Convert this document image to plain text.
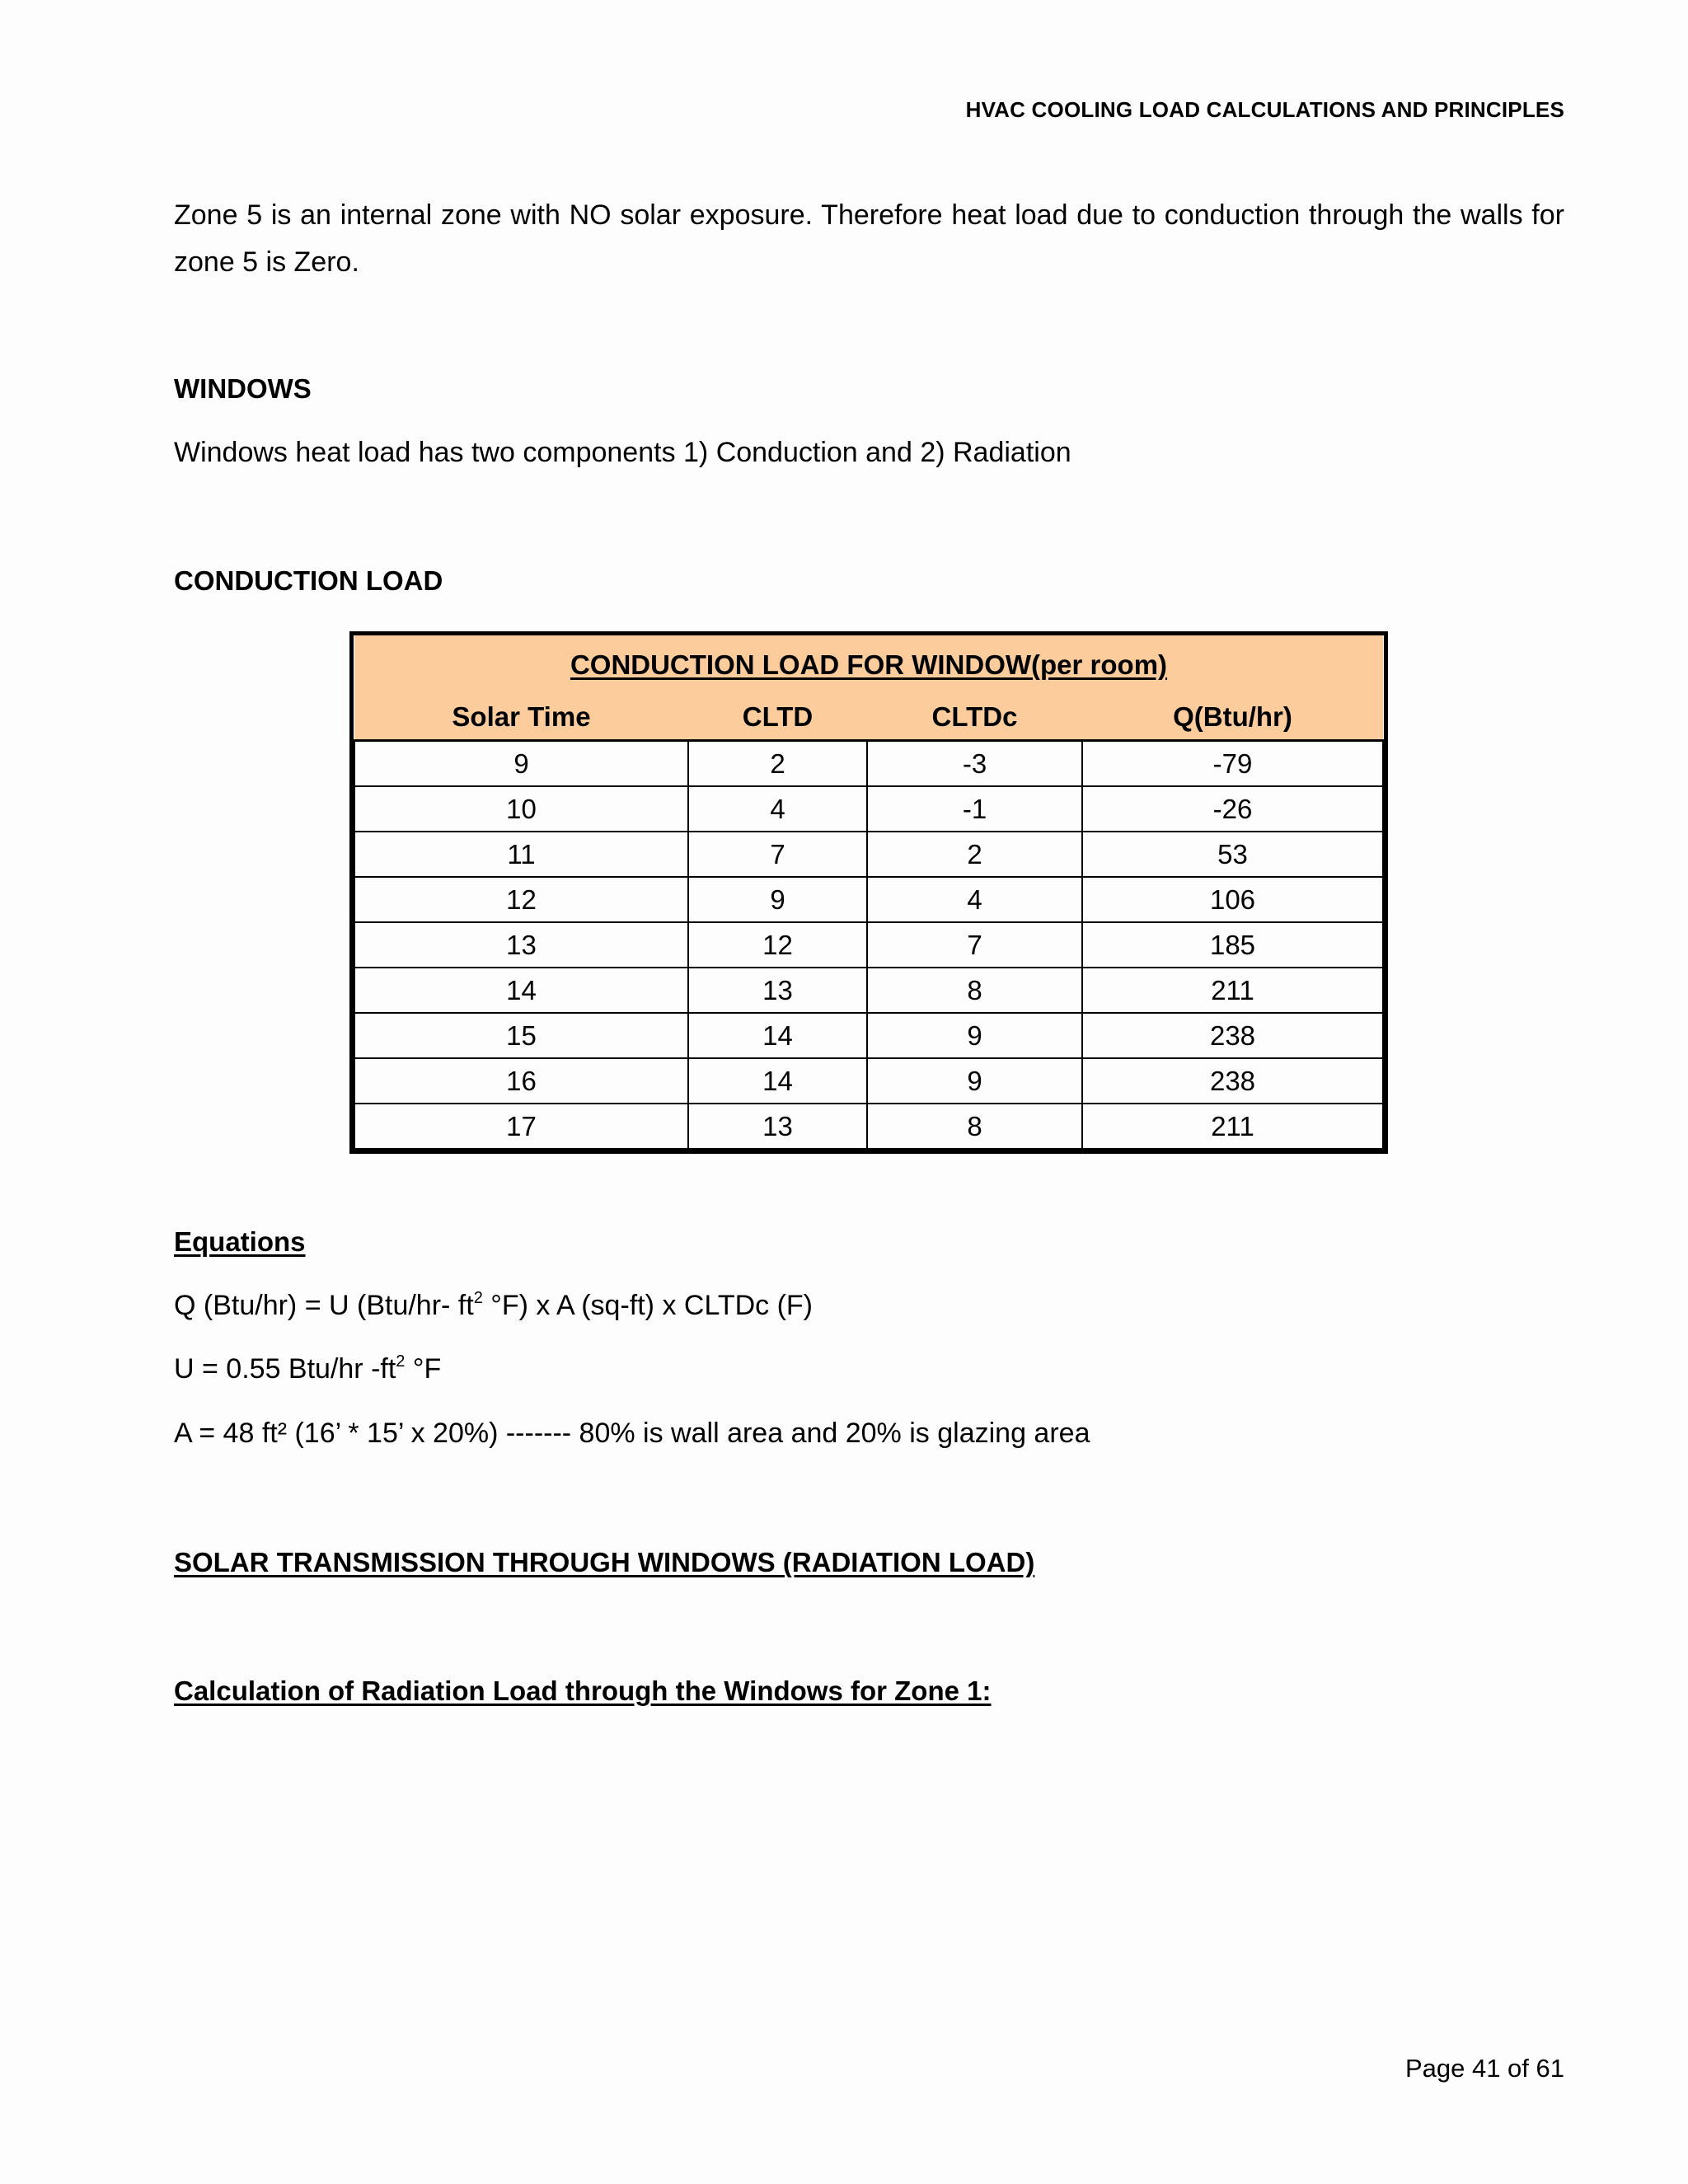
HVAC COOLING LOAD CALCULATIONS AND PRINCIPLES

Zone 5 is an internal zone with NO solar exposure. Therefore heat load due to conduction through the walls for zone 5 is Zero.

WINDOWS
Windows heat load has two components 1) Conduction and 2) Radiation
CONDUCTION LOAD
CONDUCTION LOAD FOR WINDOW(per room)			
Solar Time	CLTD	CLTDc	Q(Btu/hr)
9	2	-3	-79
10	4	-1	-26
11	7	2	53
12	9	4	106
13	12	7	185
14	13	8	211
15	14	9	238
16	14	9	238
17	13	8	211
Equations
Q (Btu/hr) = U (Btu/hr- $ft^2$ °F) x A (sq-ft) x CLTDc (F)
U = 0.55 Btu/hr $-ft^2$ °F
A = 48 ft² (16’ * 15’ x 20%) ------- 80% is wall area and 20% is glazing area
SOLAR TRANSMISSION THROUGH WINDOWS (RADIATION LOAD)
Calculation of Radiation Load through the Windows for Zone 1:
Page 41 of 61
